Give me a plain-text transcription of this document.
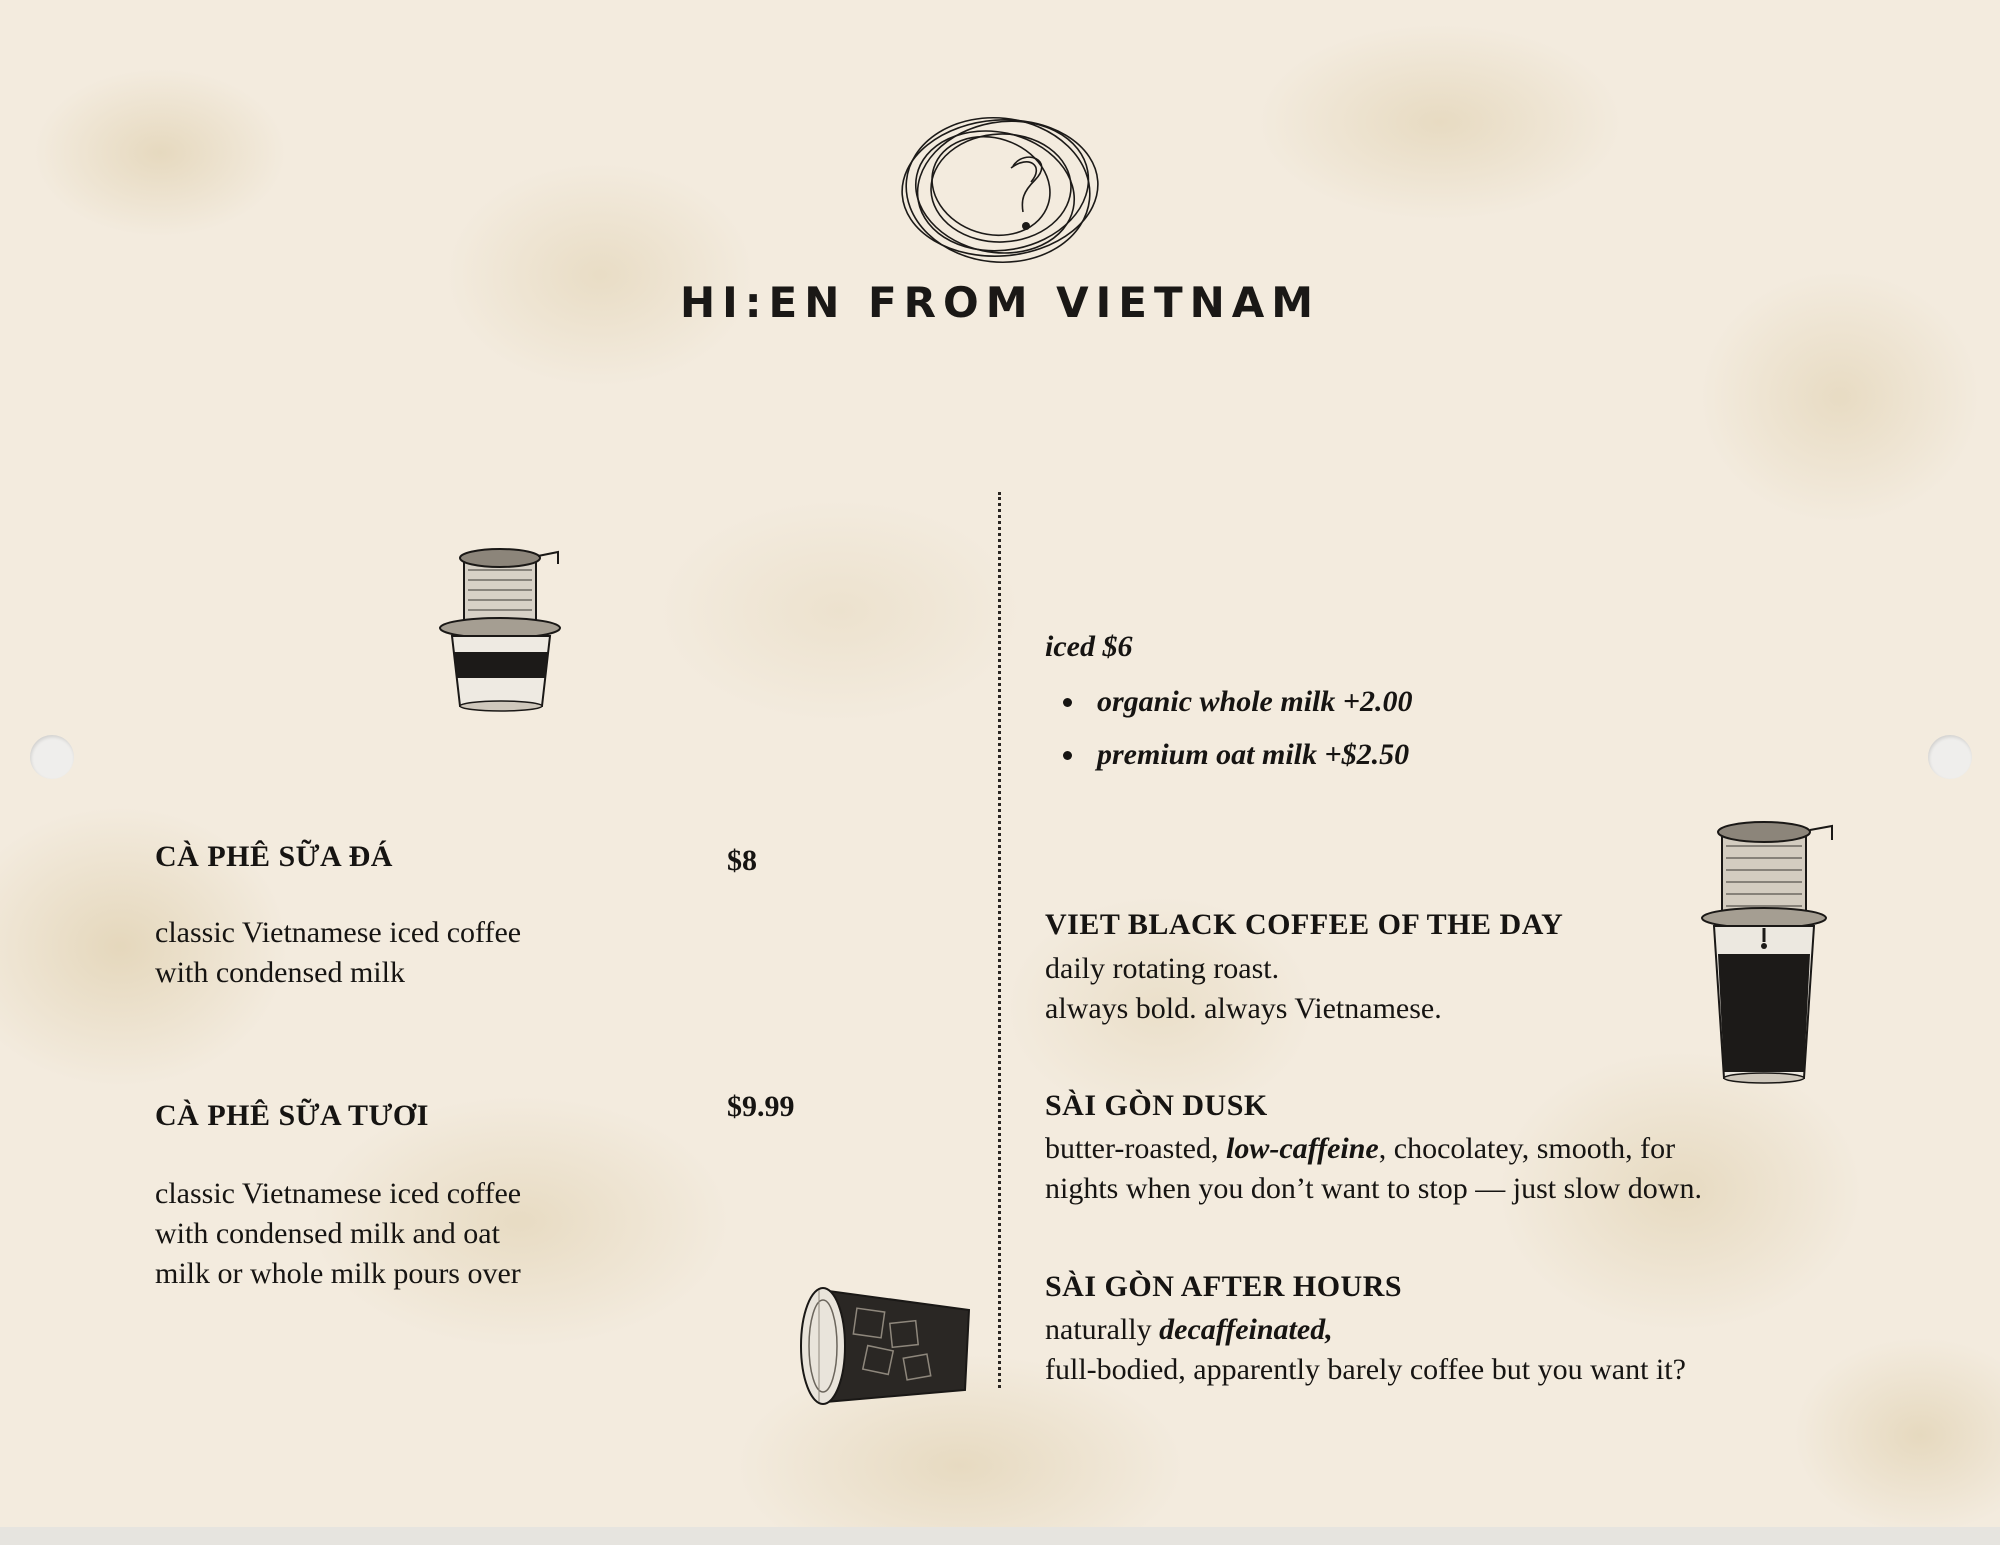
HI:EN FROM VIETNAM
CÀ PHÊ SỮA ĐÁ	$8
classic Vietnamese iced coffee
with condensed milk
CÀ PHÊ SỮA TƯƠI	$9.99
classic Vietnamese iced coffee
with condensed milk and oat
milk or whole milk pours over
iced $6
organic whole milk +2.00
premium oat milk +$2.50
VIET BLACK COFFEE OF THE DAY
daily rotating roast.
always bold. always Vietnamese.
SÀI GÒN DUSK
butter-roasted, low-caffeine, chocolatey, smooth, for
nights when you don’t want to stop — just slow down.
SÀI GÒN AFTER HOURS
naturally decaffeinated,
full-bodied, apparently barely coffee but you want it?
